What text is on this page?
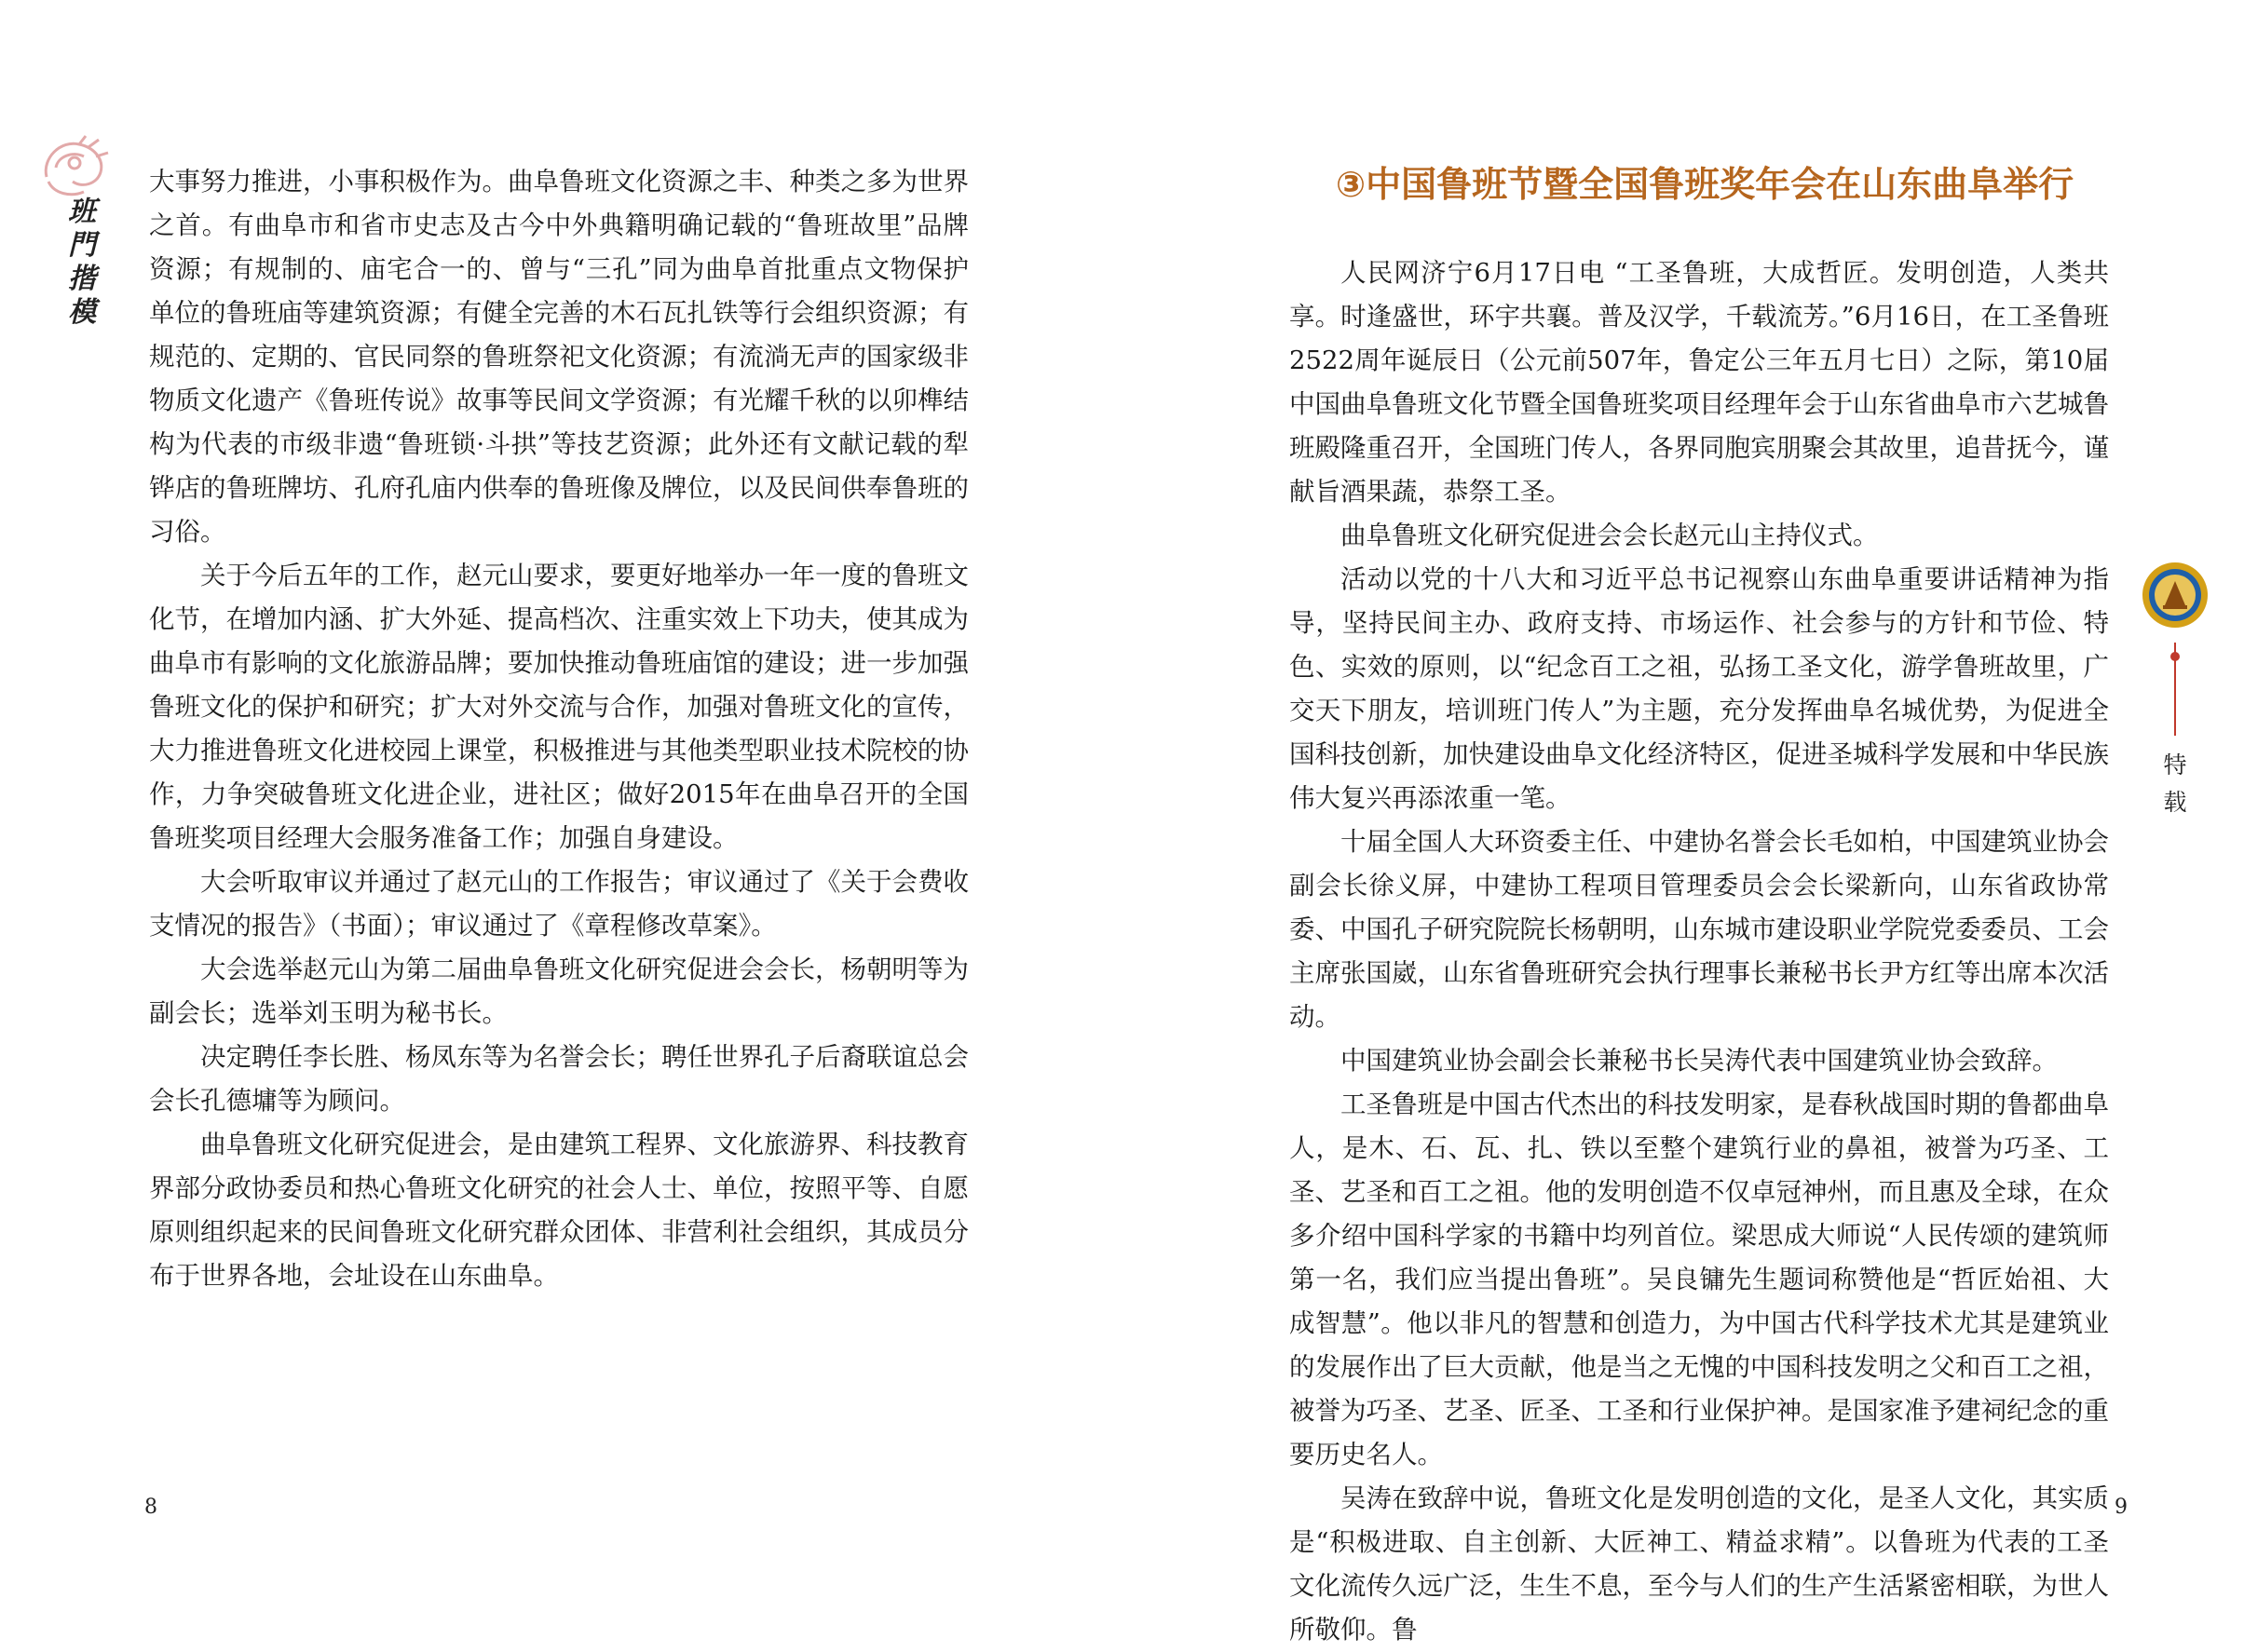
班門揩模

大事努力推进，小事积极作为。曲阜鲁班文化资源之丰、种类之多为世界之首。有曲阜市和省市史志及古今中外典籍明确记载的“鲁班故里”品牌资源；有规制的、庙宅合一的、曾与“三孔”同为曲阜首批重点文物保护单位的鲁班庙等建筑资源；有健全完善的木石瓦扎铁等行会组织资源；有规范的、定期的、官民同祭的鲁班祭祀文化资源；有流淌无声的国家级非物质文化遗产《鲁班传说》故事等民间文学资源；有光耀千秋的以卯榫结构为代表的市级非遗“鲁班锁·斗拱”等技艺资源；此外还有文献记载的犁铧店的鲁班牌坊、孔府孔庙内供奉的鲁班像及牌位，以及民间供奉鲁班的习俗。

关于今后五年的工作，赵元山要求，要更好地举办一年一度的鲁班文化节，在增加内涵、扩大外延、提高档次、注重实效上下功夫，使其成为曲阜市有影响的文化旅游品牌；要加快推动鲁班庙馆的建设；进一步加强鲁班文化的保护和研究；扩大对外交流与合作，加强对鲁班文化的宣传，大力推进鲁班文化进校园上课堂，积极推进与其他类型职业技术院校的协作，力争突破鲁班文化进企业，进社区；做好2015年在曲阜召开的全国鲁班奖项目经理大会服务准备工作；加强自身建设。

大会听取审议并通过了赵元山的工作报告；审议通过了《关于会费收支情况的报告》（书面）；审议通过了《章程修改草案》。

大会选举赵元山为第二届曲阜鲁班文化研究促进会会长，杨朝明等为副会长；选举刘玉明为秘书长。

决定聘任李长胜、杨凤东等为名誉会长；聘任世界孔子后裔联谊总会会长孔德墉等为顾问。

曲阜鲁班文化研究促进会，是由建筑工程界、文化旅游界、科技教育界部分政协委员和热心鲁班文化研究的社会人士、单位，按照平等、自愿原则组织起来的民间鲁班文化研究群众团体、非营利社会组织，其成员分布于世界各地，会址设在山东曲阜。

8
③中国鲁班节暨全国鲁班奖年会在山东曲阜举行

人民网济宁6月17日电 “工圣鲁班，大成哲匠。发明创造，人类共享。时逢盛世，环宇共襄。普及汉学，千载流芳。”6月16日，在工圣鲁班2522周年诞辰日（公元前507年，鲁定公三年五月七日）之际，第10届中国曲阜鲁班文化节暨全国鲁班奖项目经理年会于山东省曲阜市六艺城鲁班殿隆重召开，全国班门传人，各界同胞宾朋聚会其故里，追昔抚今，谨献旨酒果蔬，恭祭工圣。

曲阜鲁班文化研究促进会会长赵元山主持仪式。

活动以党的十八大和习近平总书记视察山东曲阜重要讲话精神为指导，坚持民间主办、政府支持、市场运作、社会参与的方针和节俭、特色、实效的原则，以“纪念百工之祖，弘扬工圣文化，游学鲁班故里，广交天下朋友，培训班门传人”为主题，充分发挥曲阜名城优势，为促进全国科技创新，加快建设曲阜文化经济特区，促进圣城科学发展和中华民族伟大复兴再添浓重一笔。

十届全国人大环资委主任、中建协名誉会长毛如柏，中国建筑业协会副会长徐义屏，中建协工程项目管理委员会会长梁新向，山东省政协常委、中国孔子研究院院长杨朝明，山东城市建设职业学院党委委员、工会主席张国崴，山东省鲁班研究会执行理事长兼秘书长尹方红等出席本次活动。

中国建筑业协会副会长兼秘书长吴涛代表中国建筑业协会致辞。

工圣鲁班是中国古代杰出的科技发明家，是春秋战国时期的鲁都曲阜人，是木、石、瓦、扎、铁以至整个建筑行业的鼻祖，被誉为巧圣、工圣、艺圣和百工之祖。他的发明创造不仅卓冠神州，而且惠及全球，在众多介绍中国科学家的书籍中均列首位。梁思成大师说“人民传颂的建筑师第一名，我们应当提出鲁班”。吴良镛先生题词称赞他是“哲匠始祖、大成智慧”。他以非凡的智慧和创造力，为中国古代科学技术尤其是建筑业的发展作出了巨大贡献，他是当之无愧的中国科技发明之父和百工之祖，被誉为巧圣、艺圣、匠圣、工圣和行业保护神。是国家准予建祠纪念的重要历史名人。

吴涛在致辞中说，鲁班文化是发明创造的文化，是圣人文化，其实质是“积极进取、自主创新、大匠神工、精益求精”。以鲁班为代表的工圣文化流传久远广泛，生生不息，至今与人们的生产生活紧密相联，为世人所敬仰。鲁

特载
9
